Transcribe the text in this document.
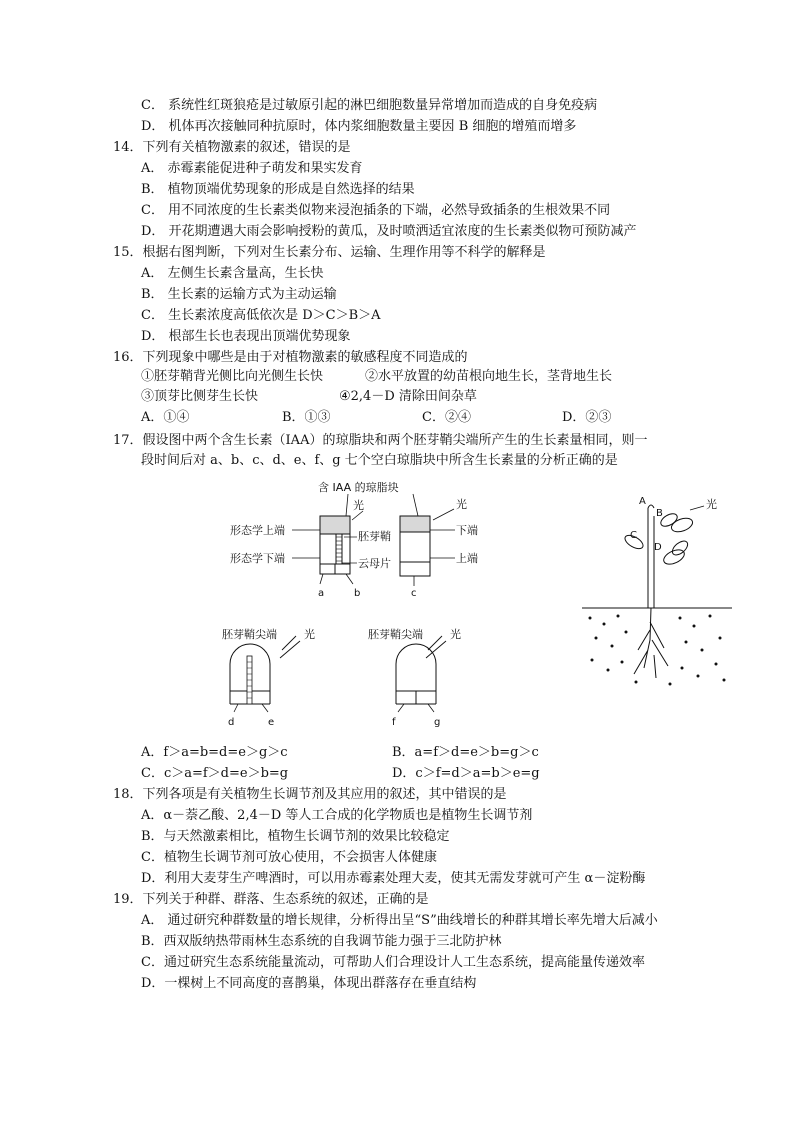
C． 系统性红斑狼疮是过敏原引起的淋巴细胞数量异常增加而造成的自身免疫病
D． 机体再次接触同种抗原时，体内浆细胞数量主要因 B 细胞的增殖而增多
14．下列有关植物激素的叙述，错误的是
A． 赤霉素能促进种子萌发和果实发育
B． 植物顶端优势现象的形成是自然选择的结果
C． 用不同浓度的生长素类似物来浸泡插条的下端，必然导致插条的生根效果不同
D． 开花期遭遇大雨会影响授粉的黄瓜，及时喷洒适宜浓度的生长素类似物可预防减产
15．根据右图判断，下列对生长素分布、运输、生理作用等不科学的解释是
A． 左侧生长素含量高，生长快
B． 生长素的运输方式为主动运输
C． 生长素浓度高低依次是 D＞C＞B＞A
D． 根部生长也表现出顶端优势现象
16．下列现象中哪些是由于对植物激素的敏感程度不同造成的
①胚芽鞘背光侧比向光侧生长快	②水平放置的幼苗根向地生长，茎背地生长
③顶芽比侧芽生长快	④2,4－D 清除田间杂草
A．①④	B．①③	C．②④	D．②③
17．假设图中两个含生长素（IAA）的琼脂块和两个胚芽鞘尖端所产生的生长素量相同，则一
段时间后对 a、b、c、d、e、f、g 七个空白琼脂块中所含生长素量的分析正确的是
含 IAA 的琼脂块
a	b
光
形态学上端
形态学下端
c
光
下端
上端
胚芽鞘
云母片
胚芽鞘尖端 光
d	e
胚芽鞘尖端 光
f	g
A
B
C
D
光
A．f＞a=b=d=e＞g＞c	B．a=f＞d=e＞b=g＞c
C．c＞a=f＞d=e＞b=g	D．c＞f=d＞a=b＞e=g
18．下列各项是有关植物生长调节剂及其应用的叙述，其中错误的是
A．α－萘乙酸、2,4－D 等人工合成的化学物质也是植物生长调节剂
B．与天然激素相比，植物生长调节剂的效果比较稳定
C．植物生长调节剂可放心使用，不会损害人体健康
D．利用大麦芽生产啤酒时，可以用赤霉素处理大麦，使其无需发芽就可产生 α－淀粉酶
19．下列关于种群、群落、生态系统的叙述，正确的是
A． 通过研究种群数量的增长规律，分析得出呈“S”曲线增长的种群其增长率先增大后减小
B．西双版纳热带雨林生态系统的自我调节能力强于三北防护林
C．通过研究生态系统能量流动，可帮助人们合理设计人工生态系统，提高能量传递效率
D．一棵树上不同高度的喜鹊巢，体现出群落存在垂直结构
